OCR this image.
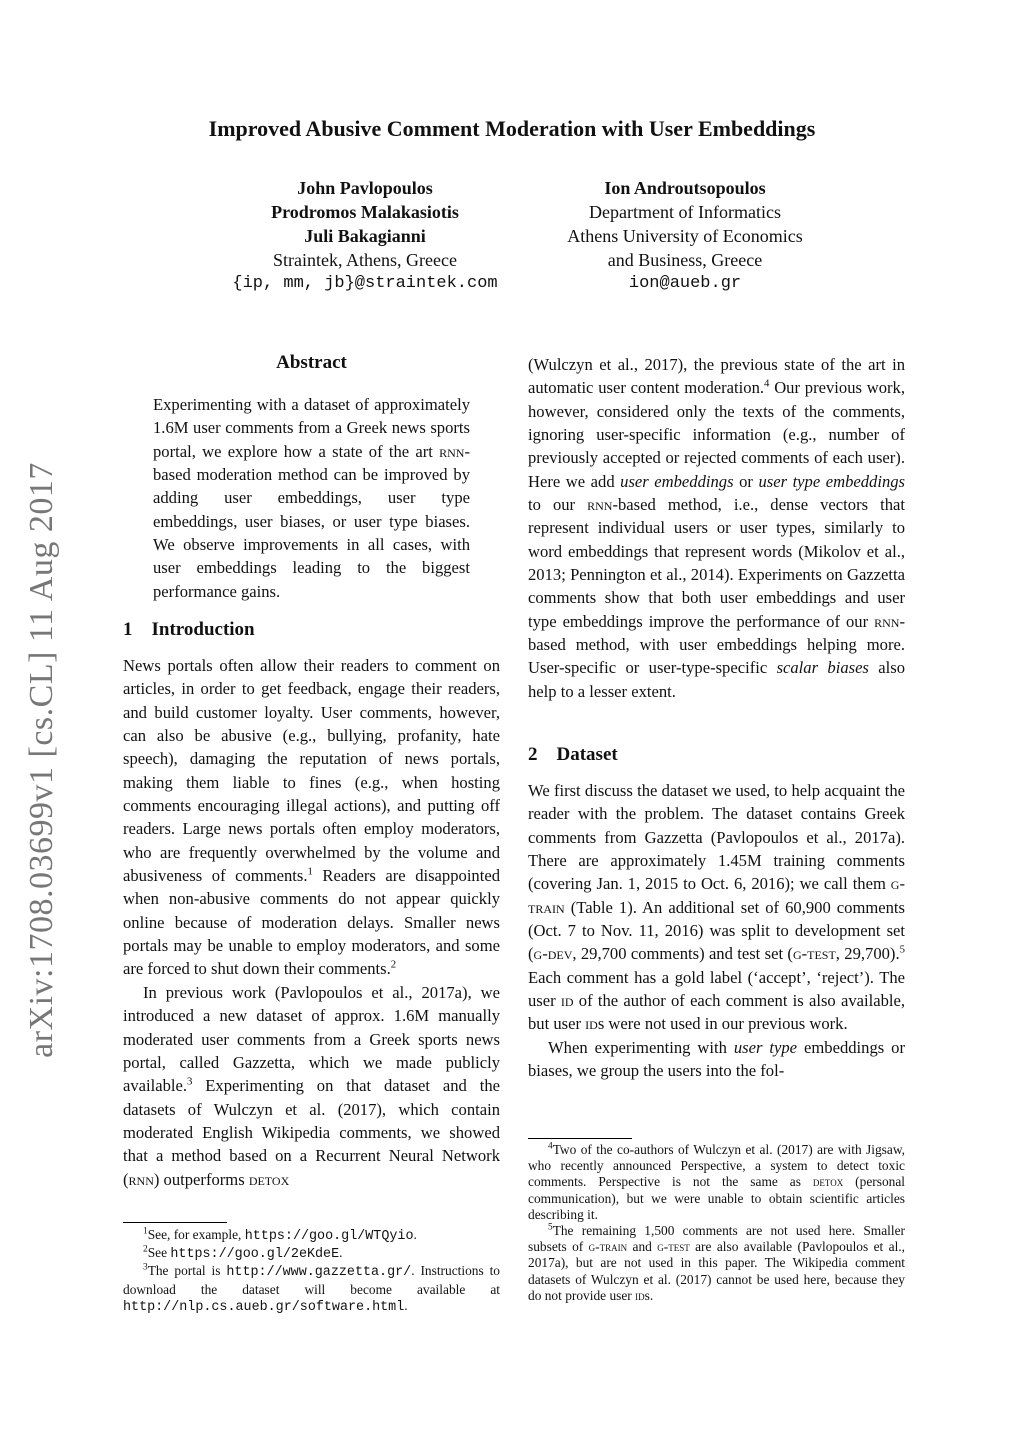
arXiv:1708.03699v1 [cs.CL] 11 Aug 2017
Improved Abusive Comment Moderation with User Embeddings
John Pavlopoulos
Prodromos Malakasiotis
Juli Bakagianni
Straintek, Athens, Greece
{ip, mm, jb}@straintek.com
Ion Androutsopoulos
Department of Informatics
Athens University of Economics
and Business, Greece
ion@aueb.gr
Abstract

Experimenting with a dataset of approximately 1.6M user comments from a Greek news sports portal, we explore how a state of the art rnn-based moderation method can be improved by adding user embeddings, user type embeddings, user biases, or user type biases. We observe improvements in all cases, with user embeddings leading to the biggest performance gains.

1 Introduction

News portals often allow their readers to comment on articles, in order to get feedback, engage their readers, and build customer loyalty. User comments, however, can also be abusive (e.g., bullying, profanity, hate speech), damaging the reputation of news portals, making them liable to fines (e.g., when hosting comments encouraging illegal actions), and putting off readers. Large news portals often employ moderators, who are frequently overwhelmed by the volume and abusiveness of comments.$^1$ Readers are disappointed when non-abusive comments do not appear quickly online because of moderation delays. Smaller news portals may be unable to employ moderators, and some are forced to shut down their comments.$^2$

In previous work (Pavlopoulos et al., 2017a), we introduced a new dataset of approx. 1.6M manually moderated user comments from a Greek sports news portal, called Gazzetta, which we made publicly available.$^3$ Experimenting on that dataset and the datasets of Wulczyn et al. (2017), which contain moderated English Wikipedia comments, we showed that a method based on a Recurrent Neural Network (rnn) outperforms detox

$^1$See, for example, https://goo.gl/WTQyio.

$^2$See https://goo.gl/2eKdeE.

$^3$The portal is http://www.gazzetta.gr/. Instructions to download the dataset will become available at http://nlp.cs.aueb.gr/software.html.

(Wulczyn et al., 2017), the previous state of the art in automatic user content moderation.$^4$ Our previous work, however, considered only the texts of the comments, ignoring user-specific information (e.g., number of previously accepted or rejected comments of each user). Here we add user embeddings or user type embeddings to our rnn-based method, i.e., dense vectors that represent individual users or user types, similarly to word embeddings that represent words (Mikolov et al., 2013; Pennington et al., 2014). Experiments on Gazzetta comments show that both user embeddings and user type embeddings improve the performance of our rnn-based method, with user embeddings helping more. User-specific or user-type-specific scalar biases also help to a lesser extent.

2 Dataset

We first discuss the dataset we used, to help acquaint the reader with the problem. The dataset contains Greek comments from Gazzetta (Pavlopoulos et al., 2017a). There are approximately 1.45M training comments (covering Jan. 1, 2015 to Oct. 6, 2016); we call them g-train (Table 1). An additional set of 60,900 comments (Oct. 7 to Nov. 11, 2016) was split to development set (g-dev, 29,700 comments) and test set (g-test, 29,700).$^5$ Each comment has a gold label (‘accept’, ‘reject’). The user id of the author of each comment is also available, but user ids were not used in our previous work.

When experimenting with user type embeddings or biases, we group the users into the fol-

$^4$Two of the co-authors of Wulczyn et al. (2017) are with Jigsaw, who recently announced Perspective, a system to detect toxic comments. Perspective is not the same as detox (personal communication), but we were unable to obtain scientific articles describing it.

$^5$The remaining 1,500 comments are not used here. Smaller subsets of g-train and g-test are also available (Pavlopoulos et al., 2017a), but are not used in this paper. The Wikipedia comment datasets of Wulczyn et al. (2017) cannot be used here, because they do not provide user ids.
